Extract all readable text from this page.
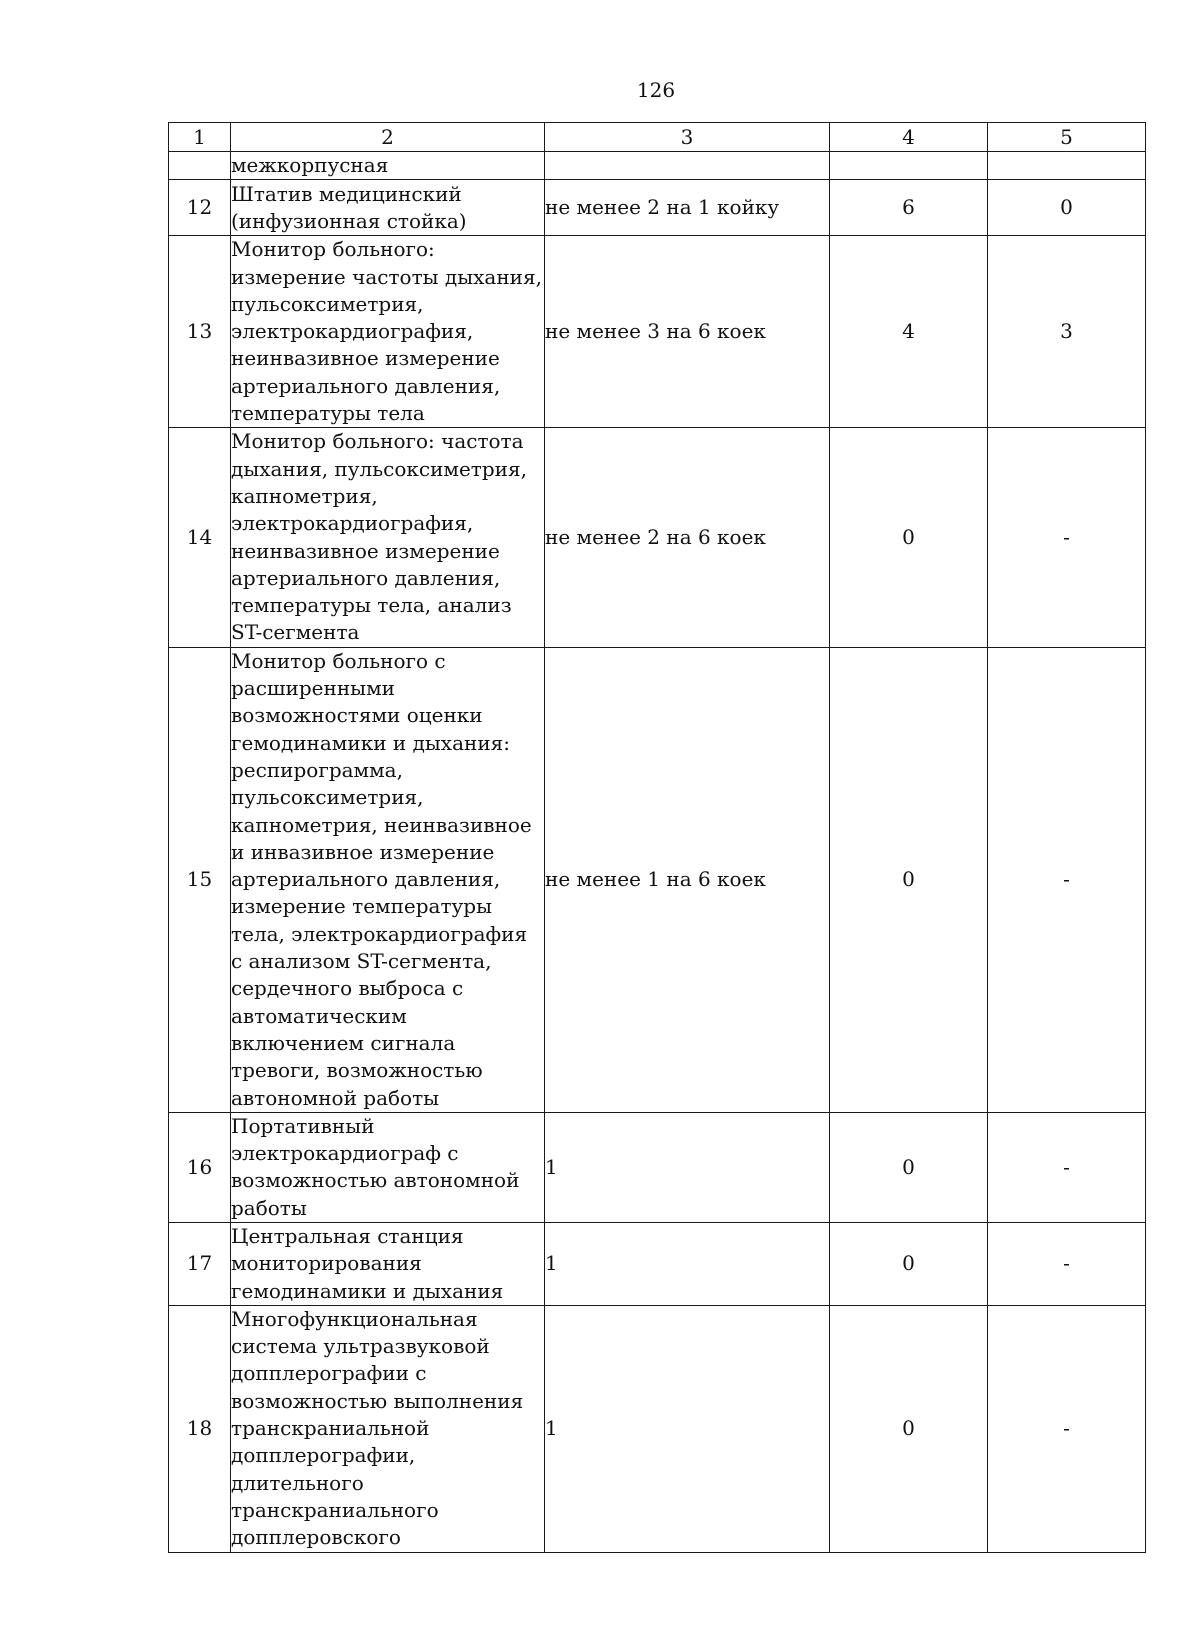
126
1	2	3	4	5
	межкорпусная			
12	Штатив медицинский (инфузионная стойка)	не менее 2 на 1 койку	6	0
13	Монитор больного: измерение частоты дыхания, пульсоксиметрия, электрокардиография, неинвазивное измерение артериального давления, температуры тела	не менее 3 на 6 коек	4	3
14	Монитор больного: частота дыхания, пульсоксиметрия, капнометрия, электрокардиография, неинвазивное измерение артериального давления, температуры тела, анализ ST-сегмента	не менее 2 на 6 коек	0	-
15	Монитор больного с расширенными возможностями оценки гемодинамики и дыхания: респирограмма, пульсоксиметрия, капнометрия, неинвазивное и инвазивное измерение артериального давления, измерение температуры тела, электрокардиография с анализом ST-сегмента, сердечного выброса с автоматическим включением сигнала тревоги, возможностью автономной работы	не менее 1 на 6 коек	0	-
16	Портативный электрокардиограф с возможностью автономной работы	1	0	-
17	Центральная станция мониторирования гемодинамики и дыхания	1	0	-
18	Многофункциональная система ультразвуковой допплерографии с возможностью выполнения транскраниальной допплерографии, длительного транскраниального допплеровского	1	0	-
